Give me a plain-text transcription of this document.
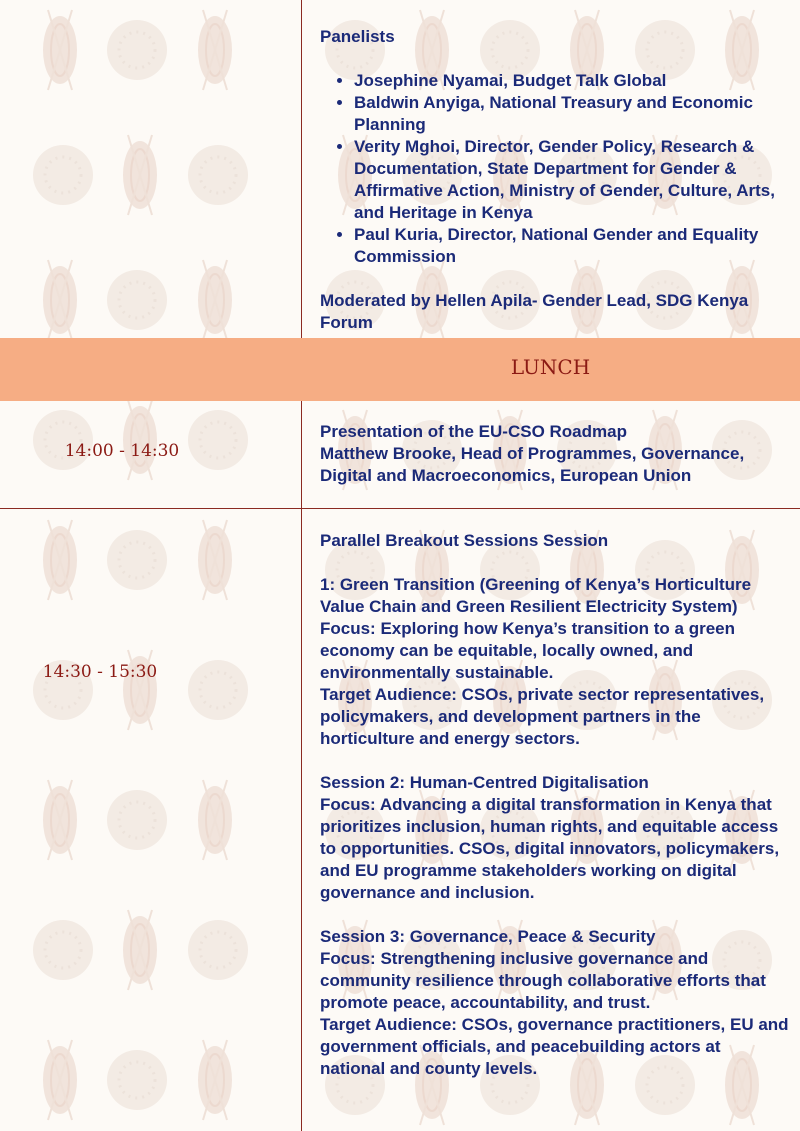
Panelists

• Josephine Nyamai, Budget Talk Global
• Baldwin Anyiga, National Treasury and Economic Planning
• Verity Mghoi, Director, Gender Policy, Research & Documentation, State Department for Gender & Affirmative Action, Ministry of Gender, Culture, Arts, and Heritage in Kenya
• Paul Kuria, Director, National Gender and Equality Commission

Moderated by Hellen Apila- Gender Lead, SDG Kenya Forum

LUNCH
14:00 - 14:30

Presentation of the EU-CSO Roadmap

Matthew Brooke, Head of Programmes, Governance, Digital and Macroeconomics, European Union

14:30 - 15:30

Parallel Breakout Sessions Session

1: Green Transition (Greening of Kenya’s Horticulture Value Chain and Green Resilient Electricity System)

Focus: Exploring how Kenya’s transition to a green economy can be equitable, locally owned, and environmentally sustainable.

Target Audience: CSOs, private sector representatives, policymakers, and development partners in the horticulture and energy sectors.

Session 2: Human-Centred Digitalisation

Focus: Advancing a digital transformation in Kenya that prioritizes inclusion, human rights, and equitable access to opportunities. CSOs, digital innovators, policymakers, and EU programme stakeholders working on digital governance and inclusion.

Session 3: Governance, Peace & Security

Focus: Strengthening inclusive governance and community resilience through collaborative efforts that promote peace, accountability, and trust.

Target Audience: CSOs, governance practitioners, EU and government officials, and peacebuilding actors at national and county levels.
